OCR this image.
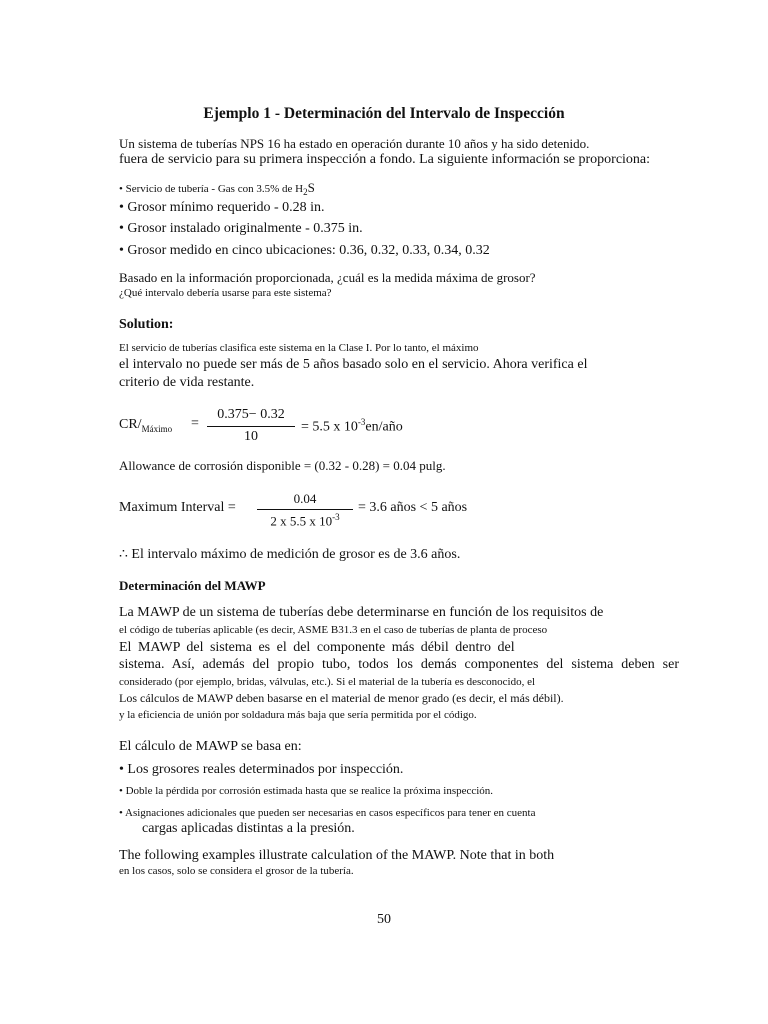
Ejemplo 1 - Determinación del Intervalo de Inspección
Un sistema de tuberías NPS 16 ha estado en operación durante 10 años y ha sido detenido.
fuera de servicio para su primera inspección a fondo. La siguiente información se proporciona:
• Servicio de tubería - Gas con 3.5% de $H_2S$
• Grosor mínimo requerido - 0.28 in.
• Grosor instalado originalmente - 0.375 in.
• Grosor medido en cinco ubicaciones: 0.36, 0.32, 0.33, 0.34, 0.32
Basado en la información proporcionada, ¿cuál es la medida máxima de grosor?
¿Qué intervalo debería usarse para este sistema?
Solution:
El servicio de tuberías clasifica este sistema en la Clase I. Por lo tanto, el máximo
el intervalo no puede ser más de 5 años basado solo en el servicio. Ahora verifica el
criterio de vida restante.
$CR/_{Máximo}$ =
0.375− 0.32
10
= 5.5 x $10^{-3}en$/año
Allowance de corrosión disponible = (0.32 - 0.28) = 0.04 pulg.
Maximum Interval =
0.04
2 x 5.5 x $10^{-3}$
= 3.6 años < 5 años
∴ El intervalo máximo de medición de grosor es de 3.6 años.
Determinación del MAWP
La MAWP de un sistema de tuberías debe determinarse en función de los requisitos de
el código de tuberías aplicable (es decir, ASME B31.3 en el caso de tuberías de planta de proceso
El MAWP del sistema es el del componente más débil dentro del
sistema. Así, además del propio tubo, todos los demás componentes del sistema deben ser
considerado (por ejemplo, bridas, válvulas, etc.). Si el material de la tubería es desconocido, el
Los cálculos de MAWP deben basarse en el material de menor grado (es decir, el más débil).
y la eficiencia de unión por soldadura más baja que sería permitida por el código.
El cálculo de MAWP se basa en:
• Los grosores reales determinados por inspección.
• Doble la pérdida por corrosión estimada hasta que se realice la próxima inspección.
• Asignaciones adicionales que pueden ser necesarias en casos específicos para tener en cuenta
cargas aplicadas distintas a la presión.
The following examples illustrate calculation of the MAWP. Note that in both
en los casos, solo se considera el grosor de la tubería.
50
